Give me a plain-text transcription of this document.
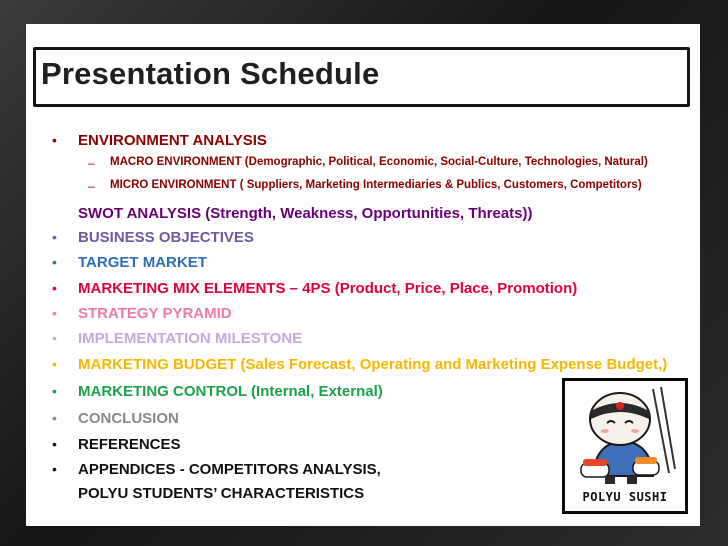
Presentation Schedule
•
–
–
•
•
•
•
•
•
•
•
•
•
ENVIRONMENT ANALYSIS
MACRO ENVIRONMENT (Demographic, Political, Economic, Social-Culture, Technologies, Natural)
MICRO ENVIRONMENT ( Suppliers, Marketing Intermediaries & Publics, Customers, Competitors)
SWOT ANALYSIS (Strength, Weakness, Opportunities, Threats))
BUSINESS OBJECTIVES
TARGET MARKET
MARKETING MIX ELEMENTS – 4PS (Product, Price, Place, Promotion)
STRATEGY PYRAMID
IMPLEMENTATION MILESTONE
MARKETING BUDGET (Sales Forecast, Operating and Marketing Expense Budget,)
MARKETING CONTROL (Internal, External)
CONCLUSION
REFERENCES
APPENDICES - COMPETITORS ANALYSIS,
POLYU STUDENTS’ CHARACTERISTICS	POLYU SUSHI
